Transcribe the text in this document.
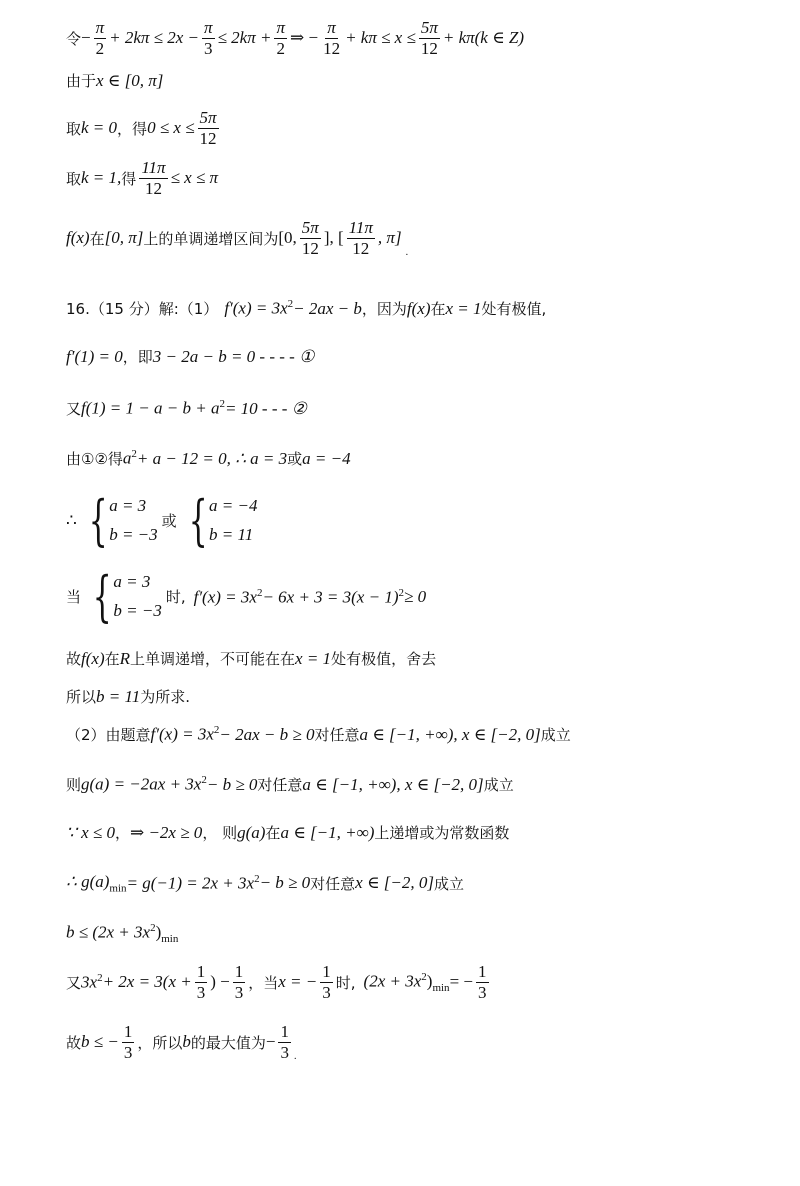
令 − $\frac{\pi}{2} + 2k\pi \le 2x - \frac{\pi}{3} \le 2k\pi + \frac{\pi}{2}$ ⇒ − $\frac{\pi}{12} + k\pi \le x \le \frac{5\pi}{12} + k\pi(k$ ∈ Z)
由于 x ∈ [0, π]
取 k = 0 ，得 $0 \le x \le \frac{5\pi}{12}$
取 k = 1, 得 $\frac{11\pi}{12} \le x \le \pi$
f(x) 在 [0, π] 上的单调递增区间为 [0, $\frac{5\pi}{12}$ ], [ $\frac{11\pi}{12}$ , π]
.
16.（15 分）解:（1） $f'(x) = 3x^2 - 2ax - b$ ，因为 f(x) 在 x = 1 处有极值,
f′(1) = 0 ，即 3 − 2a − b = 0 - - - - ①
又 $f(1) = 1 - a - b + a^2 = 10$ - - - ②
由①②得 $a^2 + a - 12 = 0$, ∴ a = 3 或 a = −4
∴ { a = 3
b = −3
或 { a = −4
b = 11
当 { a = 3
b = −3
时, $f'(x) = 3x^2 - 6x + 3 = 3(x - 1)^2 \ge 0$
故 f(x) 在 R 上单调递增，不可能在在 x = 1 处有极值，舍去
所以 b = 11 为所求.
（2）由题意 $f'(x) = 3x^2 - 2ax - b \ge 0$ 对任意 a ∈ [−1, +∞), x ∈ [−2, 0] 成立
则 $g(a) = -2ax + 3x^2 - b \ge 0$ 对任意 a ∈ [−1, +∞), x ∈ [−2, 0] 成立
∵ x ≤ 0 ， ⇒ −2x ≥ 0 ， 则 g(a) 在 a ∈ [−1, +∞) 上递增或为常数函数
∴ $g(a)_{min} = g(-1) = 2x + 3x^2 - b \ge 0$ 对任意 x ∈ [−2, 0] 成立
$b \le (2x + 3x^2)_{min}$
又 $3x^2 + 2x = 3(x + \frac{1}{3}$ ) − $\frac{1}{3}$ ，当 x = − $\frac{1}{3}$ 时, $(2x + 3x^2)_{min}$ = − $\frac{1}{3}$
故 b ≤ − $\frac{1}{3}$ ，所以 b 的最大值为 − $\frac{1}{3}$ .
